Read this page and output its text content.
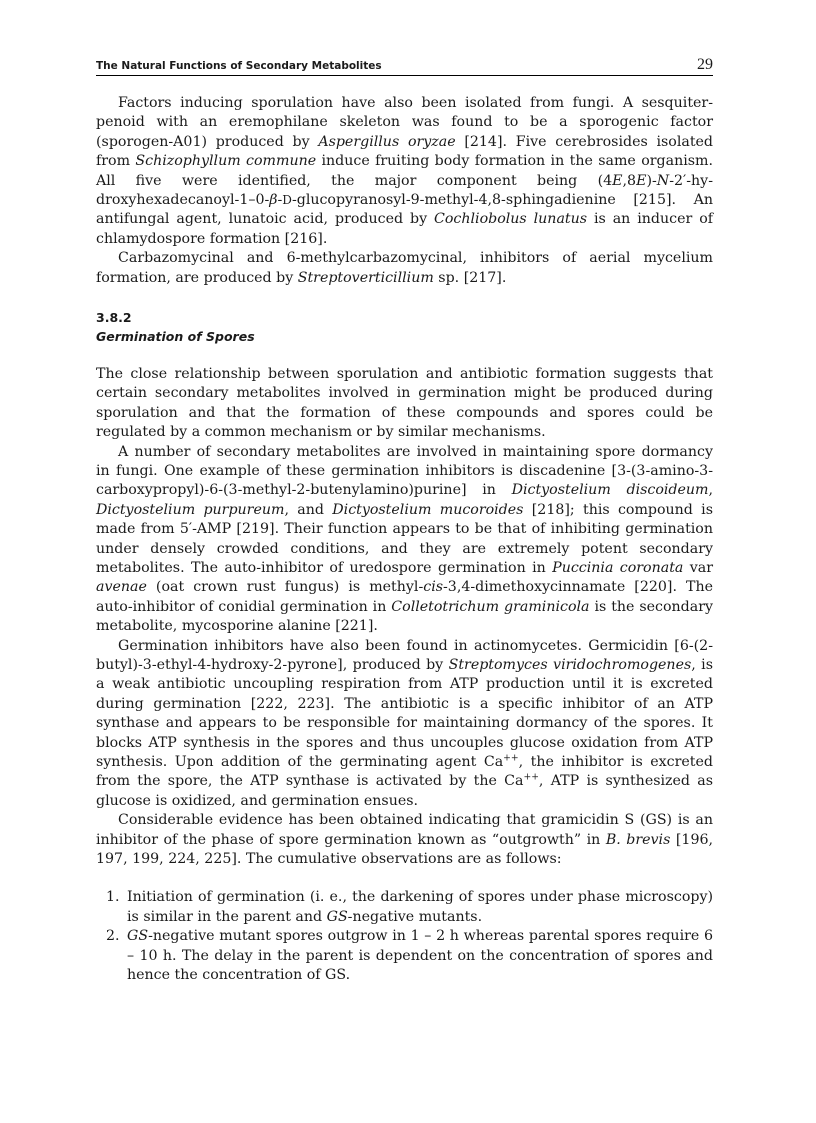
The Natural Functions of Secondary Metabolites	29

Factors inducing sporulation have also been isolated from fungi. A sesquiterpenoid with an eremophilane skeleton was found to be a sporogenic factor (sporogen-A01) produced by Aspergillus oryzae [214]. Five cerebrosides isolated from Schizophyllum commune induce fruiting body formation in the same organism. All five were identified, the major component being (4E,8E)-N-2′-hydroxyhexadecanoyl-1–0-β-D-glucopyranosyl-9-methyl-4,8-sphingadienine [215]. An antifungal agent, lunatoic acid, produced by Cochliobolus lunatus is an inducer of chlamydospore formation [216].

Carbazomycinal and 6-methylcarbazomycinal, inhibitors of aerial mycelium formation, are produced by Streptoverticillium sp. [217].

3.8.2
Germination of Spores

The close relationship between sporulation and antibiotic formation suggests that certain secondary metabolites involved in germination might be produced during sporulation and that the formation of these compounds and spores could be regulated by a common mechanism or by similar mechanisms.

A number of secondary metabolites are involved in maintaining spore dormancy in fungi. One example of these germination inhibitors is discadenine [3-(3-amino-3-carboxypropyl)-6-(3-methyl-2-butenylamino)purine] in Dictyostelium discoideum, Dictyostelium purpureum, and Dictyostelium mucoroides [218]; this compound is made from 5′-AMP [219]. Their function appears to be that of inhibiting germination under densely crowded conditions, and they are extremely potent secondary metabolites. The auto-inhibitor of uredospore germination in Puccinia coronata var avenae (oat crown rust fungus) is methyl-cis-3,4-dimethoxycinnamate [220]. The auto-inhibitor of conidial germination in Colletotrichum graminicola is the secondary metabolite, mycosporine alanine [221].

Germination inhibitors have also been found in actinomycetes. Germicidin [6-(2-butyl)-3-ethyl-4-hydroxy-2-pyrone], produced by Streptomyces viridochromogenes, is a weak antibiotic uncoupling respiration from ATP production until it is excreted during germination [222, 223]. The antibiotic is a specific inhibitor of an ATP synthase and appears to be responsible for maintaining dormancy of the spores. It blocks ATP synthesis in the spores and thus uncouples glucose oxidation from ATP synthesis. Upon addition of the germinating agent Ca++, the inhibitor is excreted from the spore, the ATP synthase is activated by the Ca++, ATP is synthesized as glucose is oxidized, and germination ensues.

Considerable evidence has been obtained indicating that gramicidin S (GS) is an inhibitor of the phase of spore germination known as “outgrowth” in B. brevis [196, 197, 199, 224, 225]. The cumulative observations are as follows:

1. Initiation of germination (i. e., the darkening of spores under phase microscopy) is similar in the parent and GS-negative mutants.
2. GS-negative mutant spores outgrow in 1 – 2 h whereas parental spores require 6 – 10 h. The delay in the parent is dependent on the concentration of spores and hence the concentration of GS.
